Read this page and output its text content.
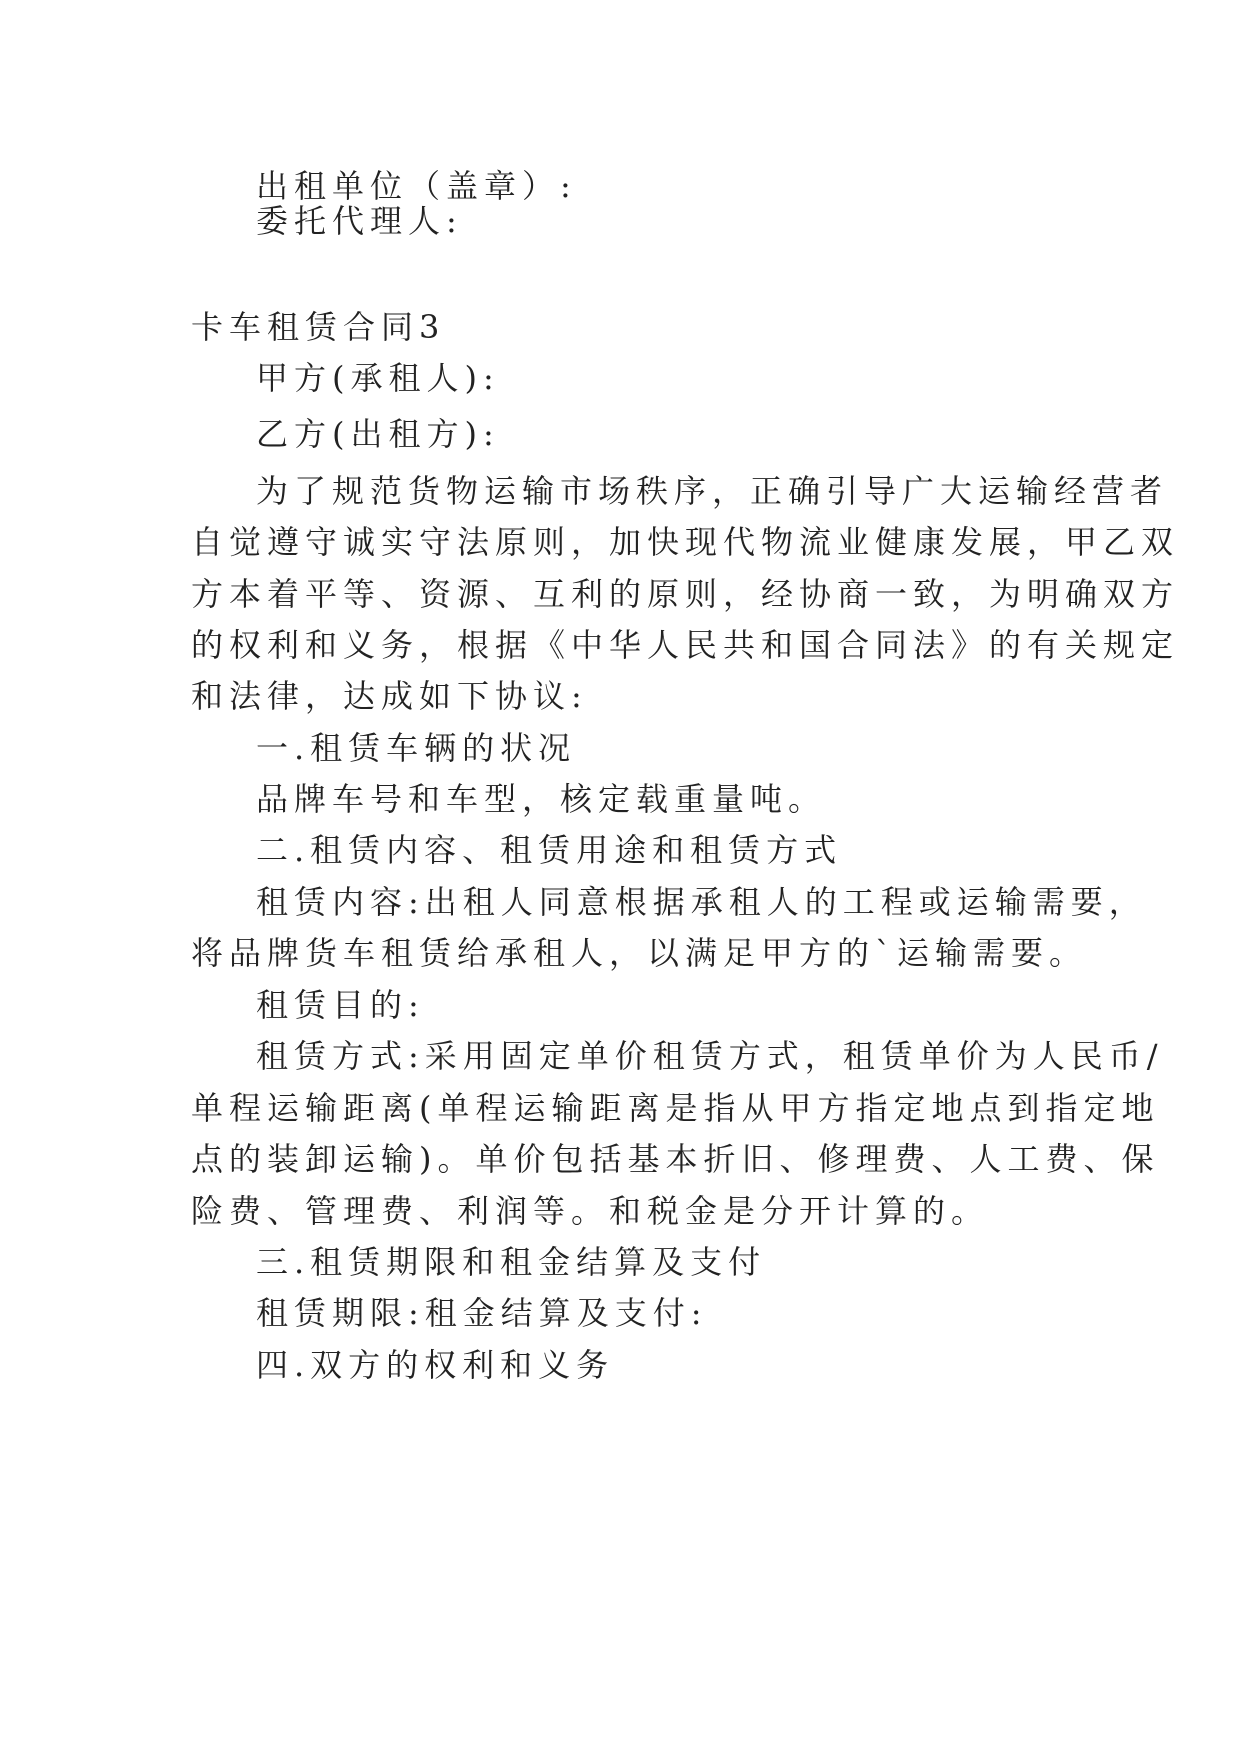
出租单位（盖章）:
委托代理人:
卡车租赁合同3
甲方(承租人):
乙方(出租方):
为了规范货物运输市场秩序，正确引导广大运输经营者
自觉遵守诚实守法原则，加快现代物流业健康发展，甲乙双
方本着平等、资源、互利的原则，经协商一致，为明确双方
的权利和义务，根据《中华人民共和国合同法》的有关规定
和法律，达成如下协议:
一.租赁车辆的状况
品牌车号和车型，核定载重量吨。
二.租赁内容、租赁用途和租赁方式
租赁内容:出租人同意根据承租人的工程或运输需要，
将品牌货车租赁给承租人，以满足甲方的`运输需要。
租赁目的:
租赁方式:采用固定单价租赁方式，租赁单价为人民币/
单程运输距离(单程运输距离是指从甲方指定地点到指定地
点的装卸运输)。单价包括基本折旧、修理费、人工费、保
险费、管理费、利润等。和税金是分开计算的。
三.租赁期限和租金结算及支付
租赁期限:租金结算及支付:
四.双方的权利和义务
